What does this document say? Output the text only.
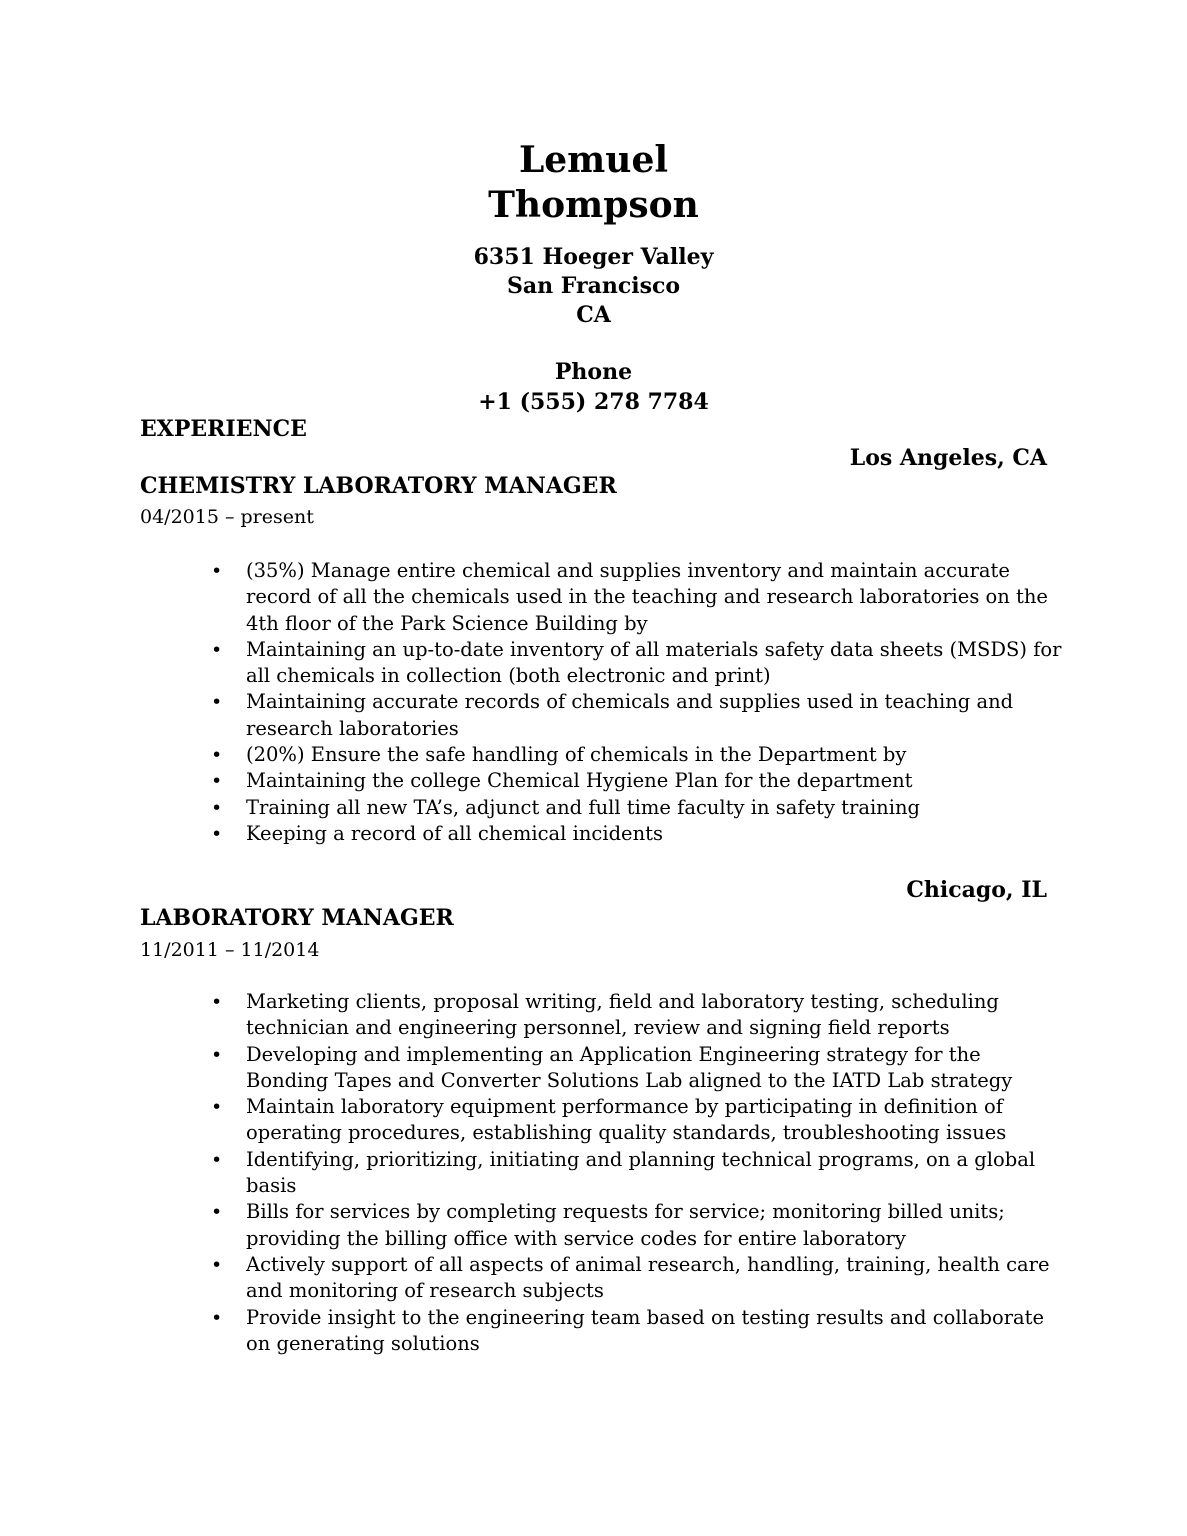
Lemuel
Thompson
6351 Hoeger Valley
San Francisco
CA
Phone
+1 (555) 278 7784
EXPERIENCE
Los Angeles, CA
CHEMISTRY LABORATORY MANAGER
04/2015 – present
• (35%) Manage entire chemical and supplies inventory and maintain accurate record of all the chemicals used in the teaching and research laboratories on the 4th floor of the Park Science Building by
• Maintaining an up-to-date inventory of all materials safety data sheets (MSDS) for all chemicals in collection (both electronic and print)
• Maintaining accurate records of chemicals and supplies used in teaching and research laboratories
• (20%) Ensure the safe handling of chemicals in the Department by
• Maintaining the college Chemical Hygiene Plan for the department
• Training all new TA’s, adjunct and full time faculty in safety training
• Keeping a record of all chemical incidents
Chicago, IL
LABORATORY MANAGER
11/2011 – 11/2014
• Marketing clients, proposal writing, field and laboratory testing, scheduling technician and engineering personnel, review and signing field reports
• Developing and implementing an Application Engineering strategy for the Bonding Tapes and Converter Solutions Lab aligned to the IATD Lab strategy
• Maintain laboratory equipment performance by participating in definition of operating procedures, establishing quality standards, troubleshooting issues
• Identifying, prioritizing, initiating and planning technical programs, on a global basis
• Bills for services by completing requests for service; monitoring billed units; providing the billing office with service codes for entire laboratory
• Actively support of all aspects of animal research, handling, training, health care and monitoring of research subjects
• Provide insight to the engineering team based on testing results and collaborate on generating solutions
